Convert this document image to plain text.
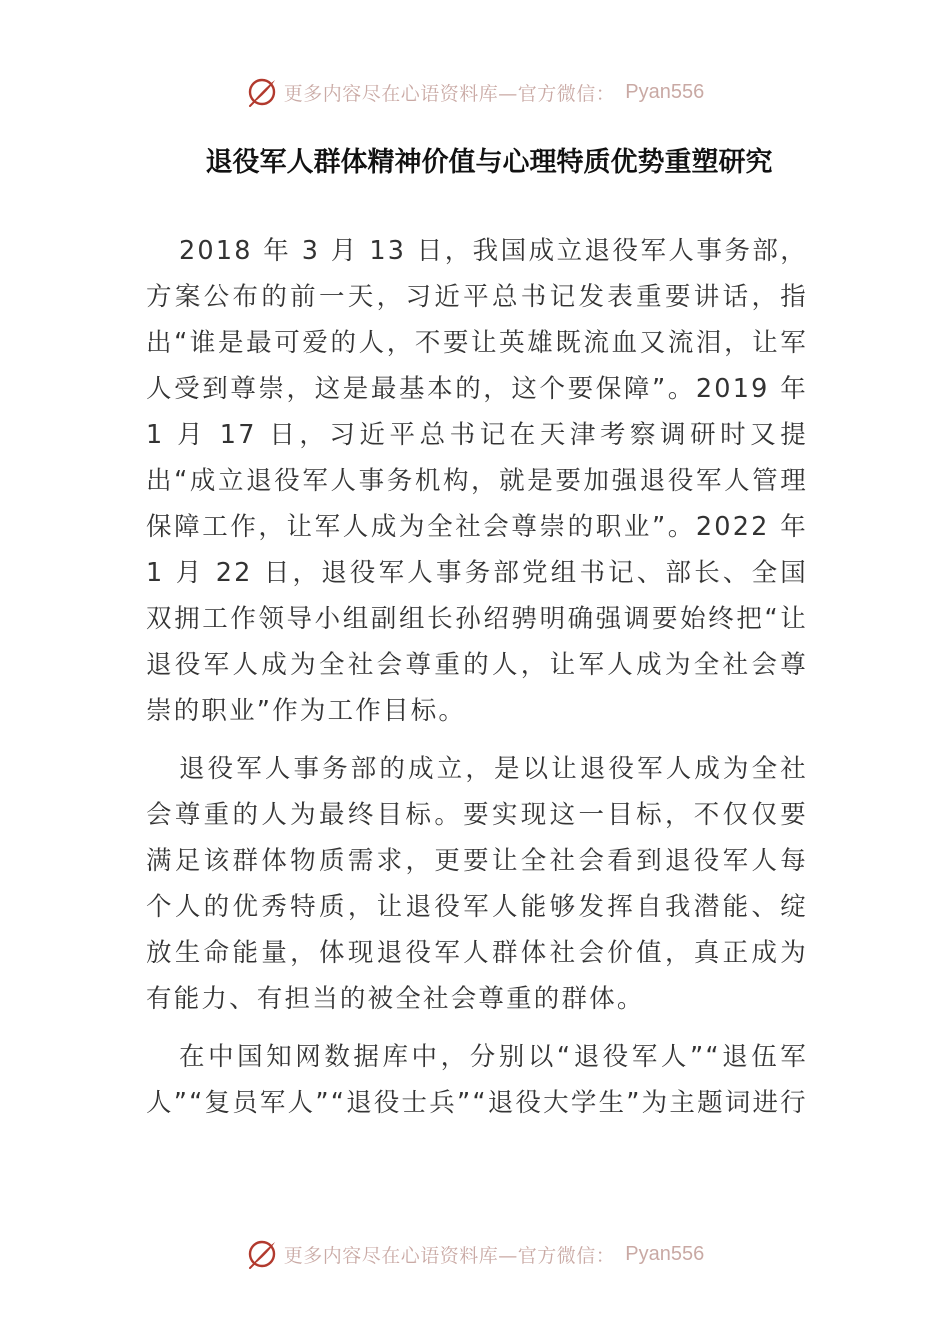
更多内容尽在心语资料库—官方微信： Pyan556
退役军人群体精神价值与心理特质优势重塑研究

2018 年 3 月 13 日，我国成立退役军人事务部，方案公布的前一天，习近平总书记发表重要讲话，指出“谁是最可爱的人，不要让英雄既流血又流泪，让军人受到尊崇，这是最基本的，这个要保障”。2019 年 1 月 17 日，习近平总书记在天津考察调研时又提出“成立退役军人事务机构，就是要加强退役军人管理保障工作，让军人成为全社会尊崇的职业”。2022 年 1 月 22 日，退役军人事务部党组书记、部长、全国双拥工作领导小组副组长孙绍骋明确强调要始终把“让退役军人成为全社会尊重的人，让军人成为全社会尊崇的职业”作为工作目标。

退役军人事务部的成立，是以让退役军人成为全社会尊重的人为最终目标。要实现这一目标，不仅仅要满足该群体物质需求，更要让全社会看到退役军人每个人的优秀特质，让退役军人能够发挥自我潜能、绽放生命能量，体现退役军人群体社会价值，真正成为有能力、有担当的被全社会尊重的群体。

在中国知网数据库中，分别以“退役军人”“退伍军人”“复员军人”“退役士兵”“退役大学生”为主题词进行

更多内容尽在心语资料库—官方微信： Pyan556
